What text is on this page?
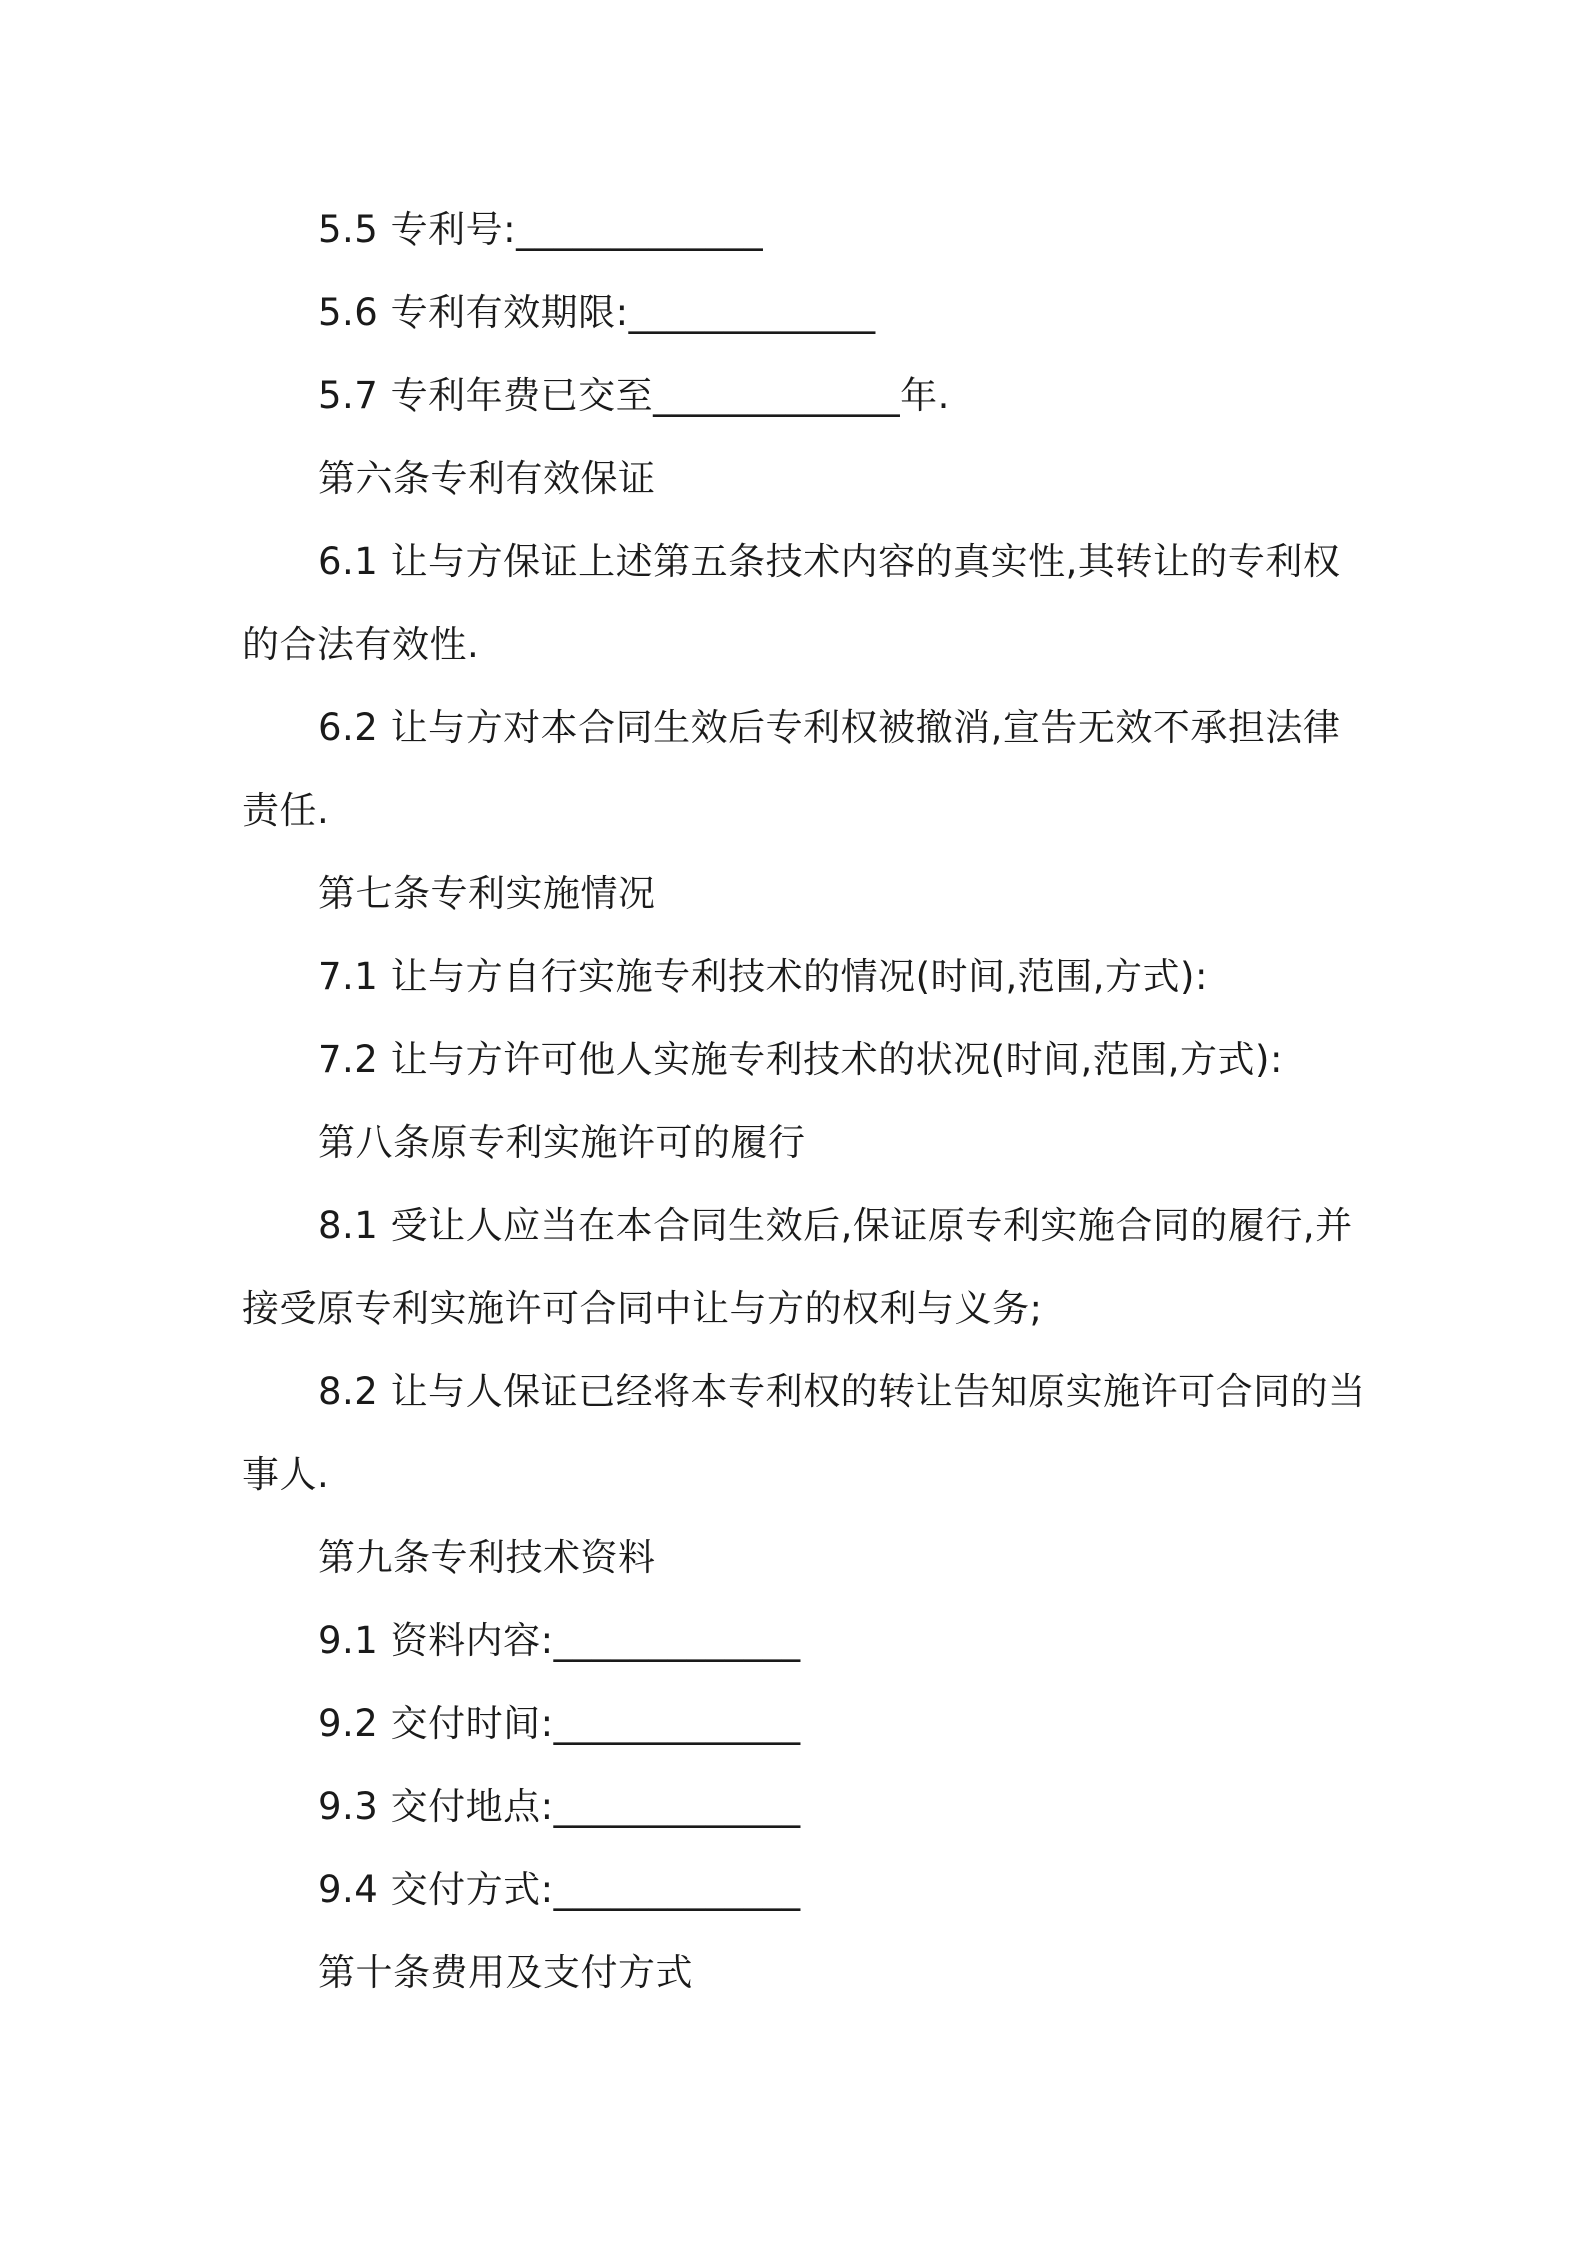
5.5 专利号:_____________

5.6 专利有效期限:_____________

5.7 专利年费已交至_____________年.

第六条专利有效保证

6.1 让与方保证上述第五条技术内容的真实性,其转让的专利权

的合法有效性.

6.2 让与方对本合同生效后专利权被撤消,宣告无效不承担法律

责任.

第七条专利实施情况

7.1 让与方自行实施专利技术的情况(时间,范围,方式):

7.2 让与方许可他人实施专利技术的状况(时间,范围,方式):

第八条原专利实施许可的履行

8.1 受让人应当在本合同生效后,保证原专利实施合同的履行,并

接受原专利实施许可合同中让与方的权利与义务;

8.2 让与人保证已经将本专利权的转让告知原实施许可合同的当

事人.

第九条专利技术资料

9.1 资料内容:_____________

9.2 交付时间:_____________

9.3 交付地点:_____________

9.4 交付方式:_____________

第十条费用及支付方式
